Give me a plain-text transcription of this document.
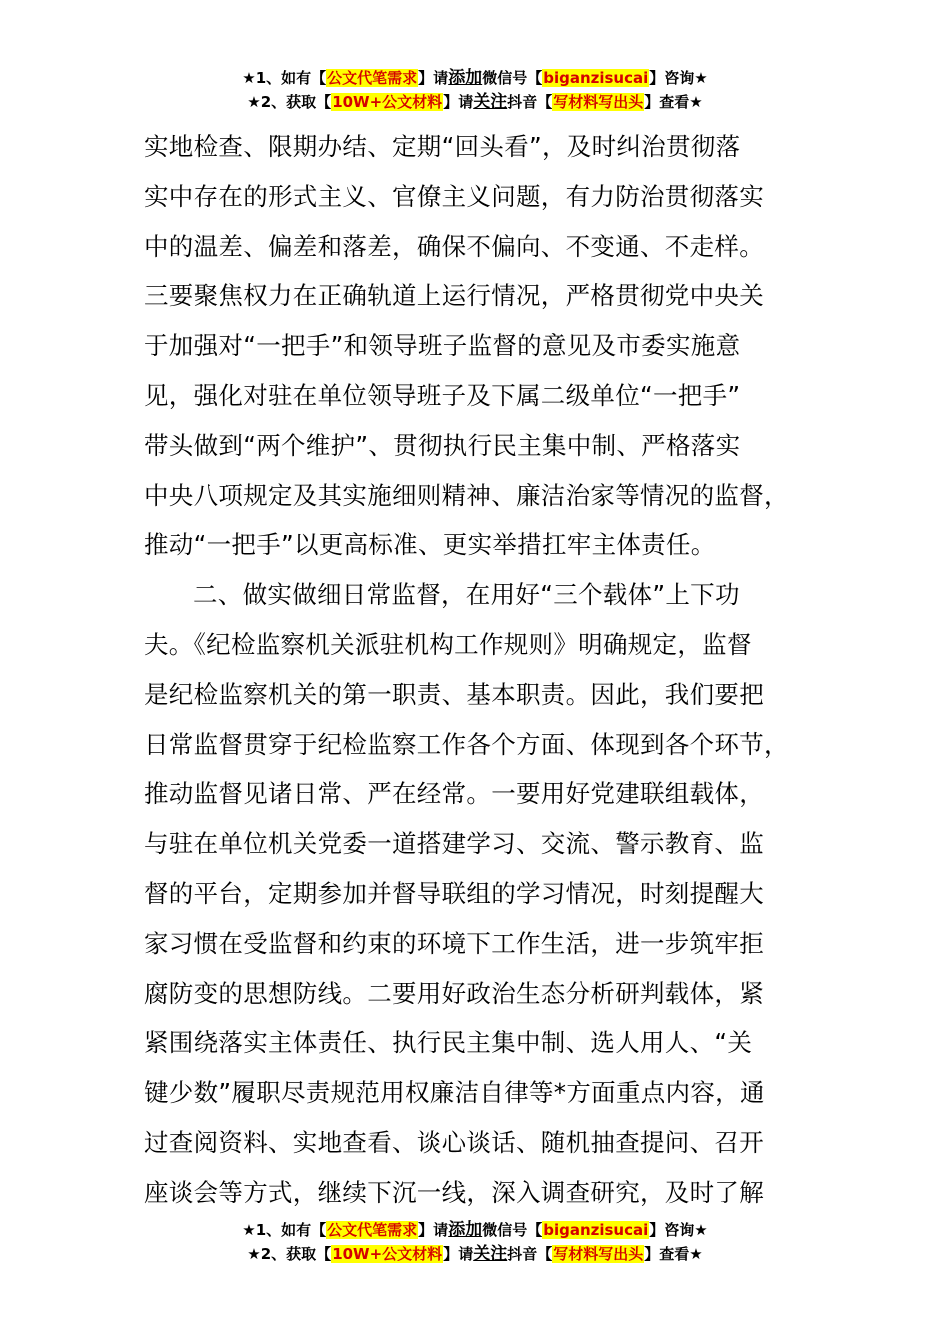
★1、如有【公文代笔需求】请添加微信号【biganzisucai】咨询★
★2、获取【10W+公文材料】请关注抖音【写材料写出头】查看★
实地检查、限期办结、定期“回头看”，及时纠治贯彻落
实中存在的形式主义、官僚主义问题，有力防治贯彻落实
中的温差、偏差和落差，确保不偏向、不变通、不走样。
三要聚焦权力在正确轨道上运行情况，严格贯彻党中央关
于加强对“一把手”和领导班子监督的意见及市委实施意
见，强化对驻在单位领导班子及下属二级单位“一把手”
带头做到“两个维护”、贯彻执行民主集中制、严格落实
中央八项规定及其实施细则精神、廉洁治家等情况的监督，
推动“一把手”以更高标准、更实举措扛牢主体责任。
二、做实做细日常监督，在用好“三个载体”上下功
夫。《纪检监察机关派驻机构工作规则》明确规定，监督
是纪检监察机关的第一职责、基本职责。因此，我们要把
日常监督贯穿于纪检监察工作各个方面、体现到各个环节，
推动监督见诸日常、严在经常。一要用好党建联组载体，
与驻在单位机关党委一道搭建学习、交流、警示教育、监
督的平台，定期参加并督导联组的学习情况，时刻提醒大
家习惯在受监督和约束的环境下工作生活，进一步筑牢拒
腐防变的思想防线。二要用好政治生态分析研判载体，紧
紧围绕落实主体责任、执行民主集中制、选人用人、“关
键少数”履职尽责规范用权廉洁自律等*方面重点内容，通
过查阅资料、实地查看、谈心谈话、随机抽查提问、召开
座谈会等方式，继续下沉一线，深入调查研究，及时了解
★1、如有【公文代笔需求】请添加微信号【biganzisucai】咨询★
★2、获取【10W+公文材料】请关注抖音【写材料写出头】查看★
